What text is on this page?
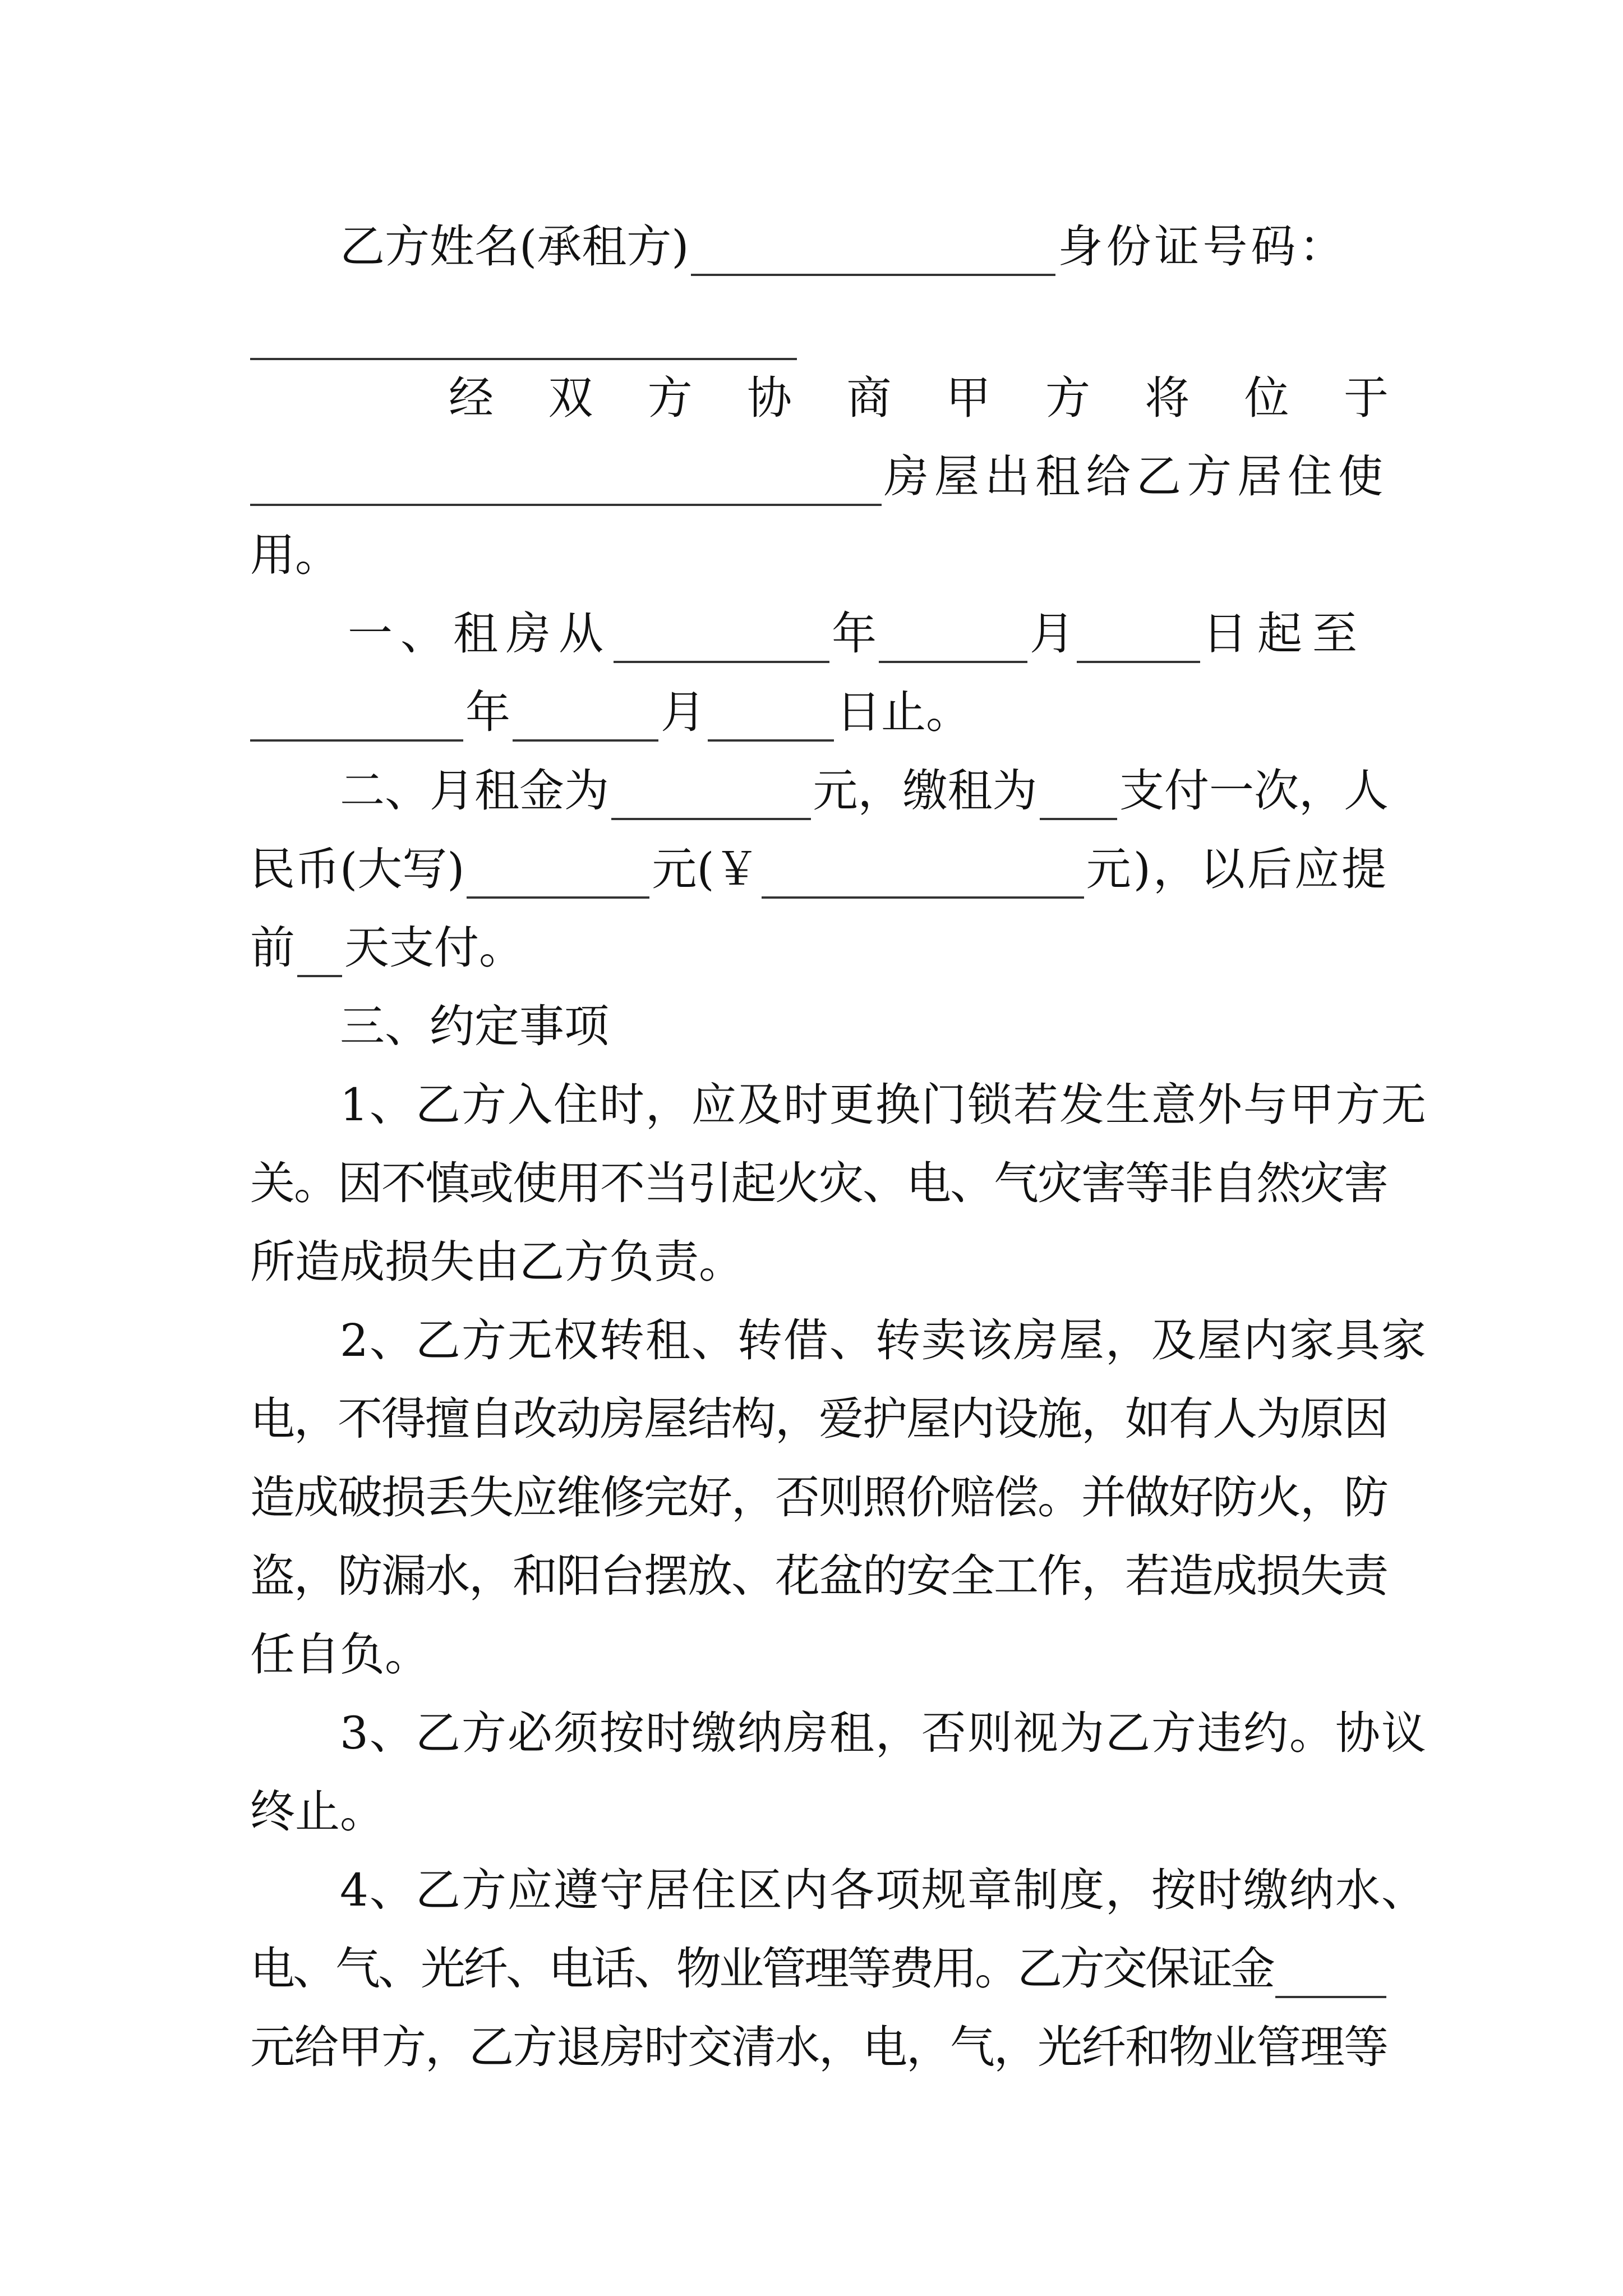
乙方姓名(承租方)	身份证号码：
经 双 方 协 商 甲 方 将 位 于
房屋出租给乙方居住使
用。
一、租房从	年	月	日起至
年	月	日止。
二、月租金为	元，缴租为 支付一次，人
民币(大写)	元(￥	元)，以后应提
前 天支付。
三、约定事项
1、乙方入住时，应及时更换门锁若发生意外与甲方无
关。因不慎或使用不当引起火灾、电、气灾害等非自然灾害
所造成损失由乙方负责。
2、乙方无权转租、转借、转卖该房屋，及屋内家具家
电，不得擅自改动房屋结构，爱护屋内设施，如有人为原因
造成破损丢失应维修完好，否则照价赔偿。并做好防火，防
盗，防漏水，和阳台摆放、花盆的安全工作，若造成损失责
任自负。
3、乙方必须按时缴纳房租，否则视为乙方违约。协议
终止。
4、乙方应遵守居住区内各项规章制度，按时缴纳水、
电、气、光纤、电话、物业管理等费用。乙方交保证金
元给甲方，乙方退房时交清水，电，气，光纤和物业管理等
